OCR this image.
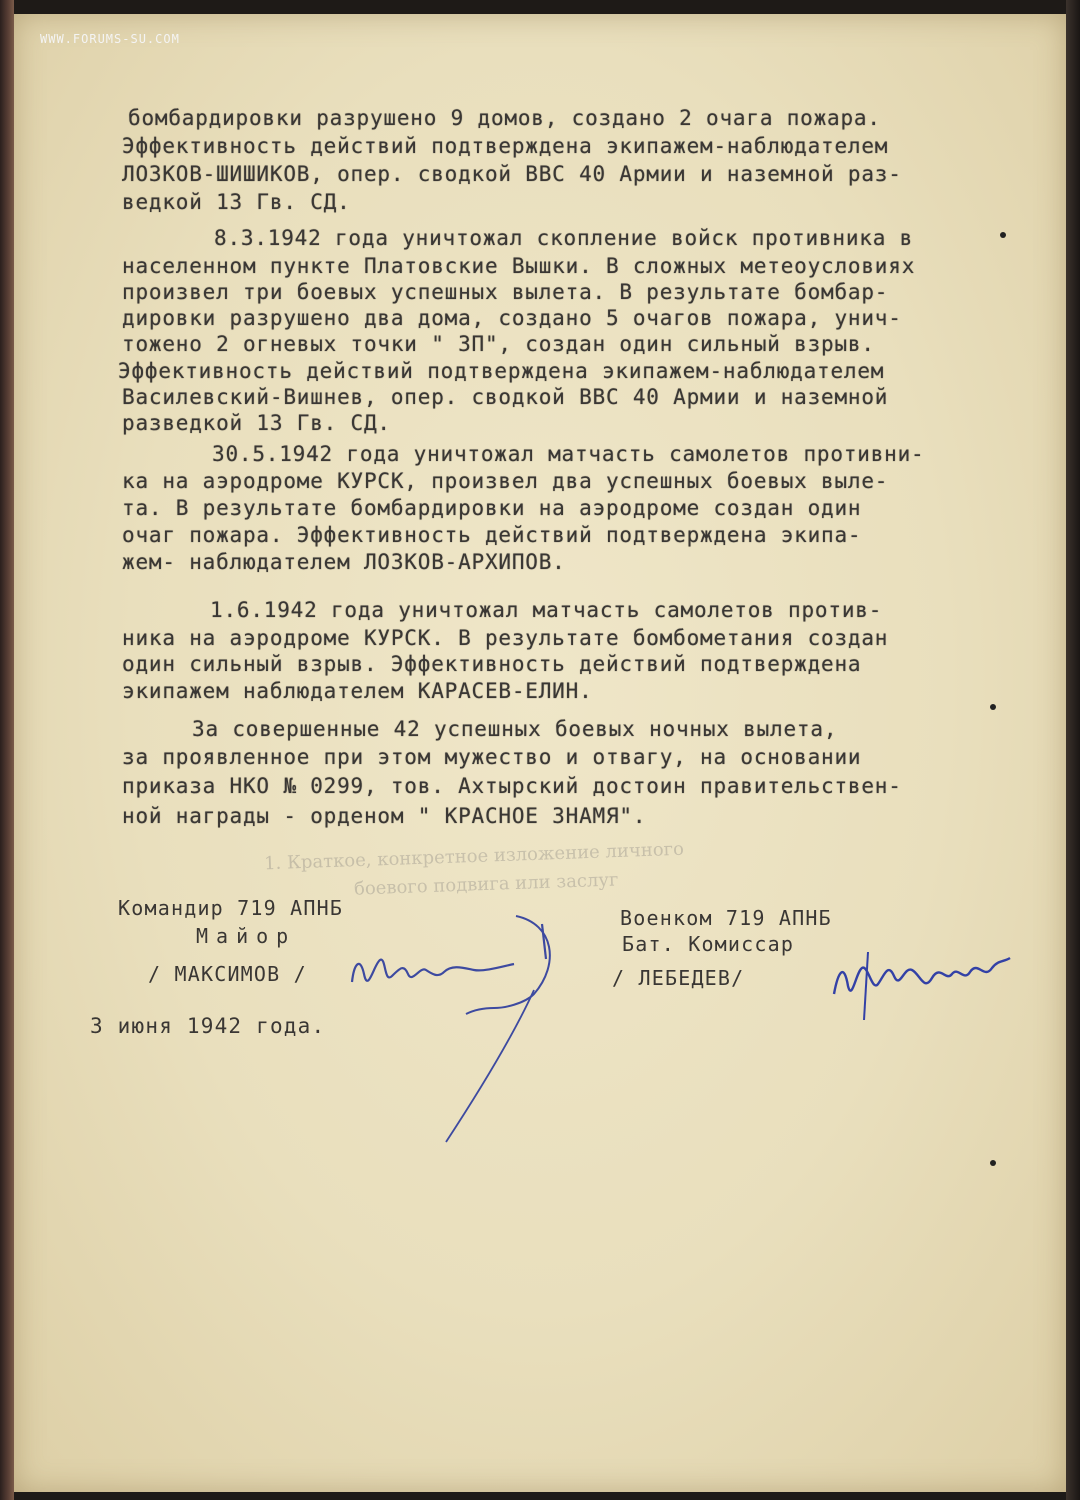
WWW.FORUMS-SU.COM
1. Краткое, конкретное изложение личного
боевого подвига или заслуг
бомбардировки разрушено 9 домов, создано 2 очага пожара.
Эффективность действий подтверждена экипажем-наблюдателем
ЛОЗКОВ-ШИШИКОВ, опер. сводкой ВВС 40 Армии и наземной раз-
ведкой 13 Гв. СД.
8.3.1942 года уничтожал скопление войск противника в
населенном пункте Платовские Вышки. В сложных метеоусловиях
произвел три боевых успешных вылета. В результате бомбар-
дировки разрушено два дома, создано 5 очагов пожара, унич-
тожено 2 огневых точки " ЗП", создан один сильный взрыв.
Эффективность действий подтверждена экипажем-наблюдателем
Василевский-Вишнев, опер. сводкой ВВС 40 Армии и наземной
разведкой 13 Гв. СД.
30.5.1942 года уничтожал матчасть самолетов противни-
ка на аэродроме КУРСК, произвел два успешных боевых выле-
та. В результате бомбардировки на аэродроме создан один
очаг пожара. Эффективность действий подтверждена экипа-
жем- наблюдателем ЛОЗКОВ-АРХИПОВ.
1.6.1942 года уничтожал матчасть самолетов против-
ника на аэродроме КУРСК. В результате бомбометания создан
один сильный взрыв. Эффективность действий подтверждена
экипажем наблюдателем КАРАСЕВ-ЕЛИН.
За совершенные 42 успешных боевых ночных вылета,
за проявленное при этом мужество и отвагу, на основании
приказа НКО № 0299, тов. Ахтырский достоин правительствен-
ной награды - орденом " КРАСНОЕ ЗНАМЯ".
Командир 719 АПНБ
Майор
/ МАКСИМОВ /
Военком 719 АПНБ
Бат. Комиссар
/ ЛЕБЕДЕВ/
3 июня 1942 года.
